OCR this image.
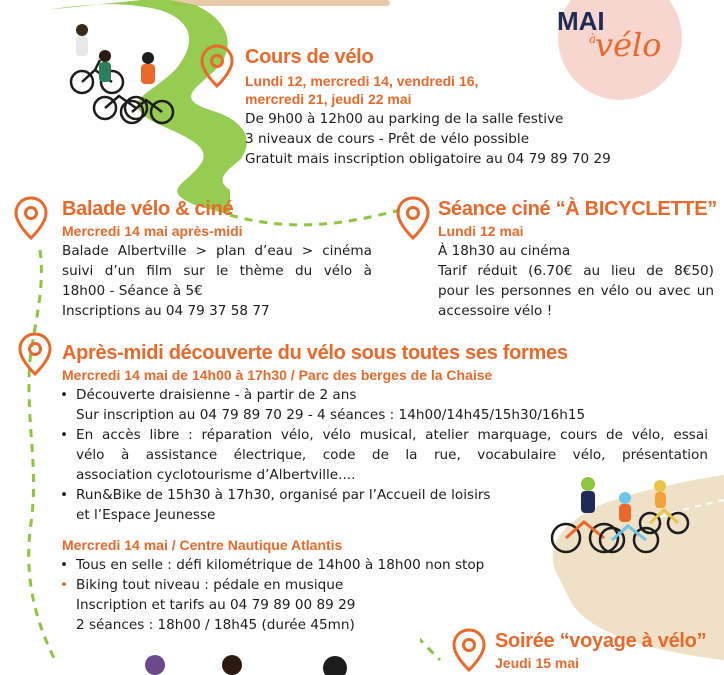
MAI
à
vélo
Cours de vélo
Lundi 12, mercredi 14, vendredi 16,
mercredi 21, jeudi 22 mai
De 9h00 à 12h00 au parking de la salle festive
3 niveaux de cours - Prêt de vélo possible
Gratuit mais inscription obligatoire au 04 79 89 70 29
Balade vélo & ciné
Mercredi 14 mai après-midi
Balade Albertville > plan d’eau > cinéma
suivi d’un film sur le thème du vélo à
18h00 - Séance à 5€
Inscriptions au 04 79 37 58 77
Séance ciné “À BICYCLETTE”
Lundi 12 mai
À 18h30 au cinéma
Tarif réduit (6.70€ au lieu de 8€50)
pour les personnes en vélo ou avec un
accessoire vélo !
Après-midi découverte du vélo sous toutes ses formes
Mercredi 14 mai de 14h00 à 17h30 / Parc des berges de la Chaise
• Découverte draisienne - à partir de 2 ans
Sur inscription au 04 79 89 70 29 - 4 séances : 14h00/14h45/15h30/16h15
• En accès libre : réparation vélo, vélo musical, atelier marquage, cours de vélo, essai
vélo à assistance électrique, code de la rue, vocabulaire vélo, présentation
association cyclotourisme d’Albertville....
• Run&Bike de 15h30 à 17h30, organisé par l’Accueil de loisirs
et l’Espace Jeunesse
Mercredi 14 mai / Centre Nautique Atlantis
• Tous en selle : défi kilométrique de 14h00 à 18h00 non stop
• Biking tout niveau : pédale en musique
Inscription et tarifs au 04 79 89 00 89 29
2 séances : 18h00 / 18h45 (durée 45mn)
Soirée “voyage à vélo”
Jeudi 15 mai
